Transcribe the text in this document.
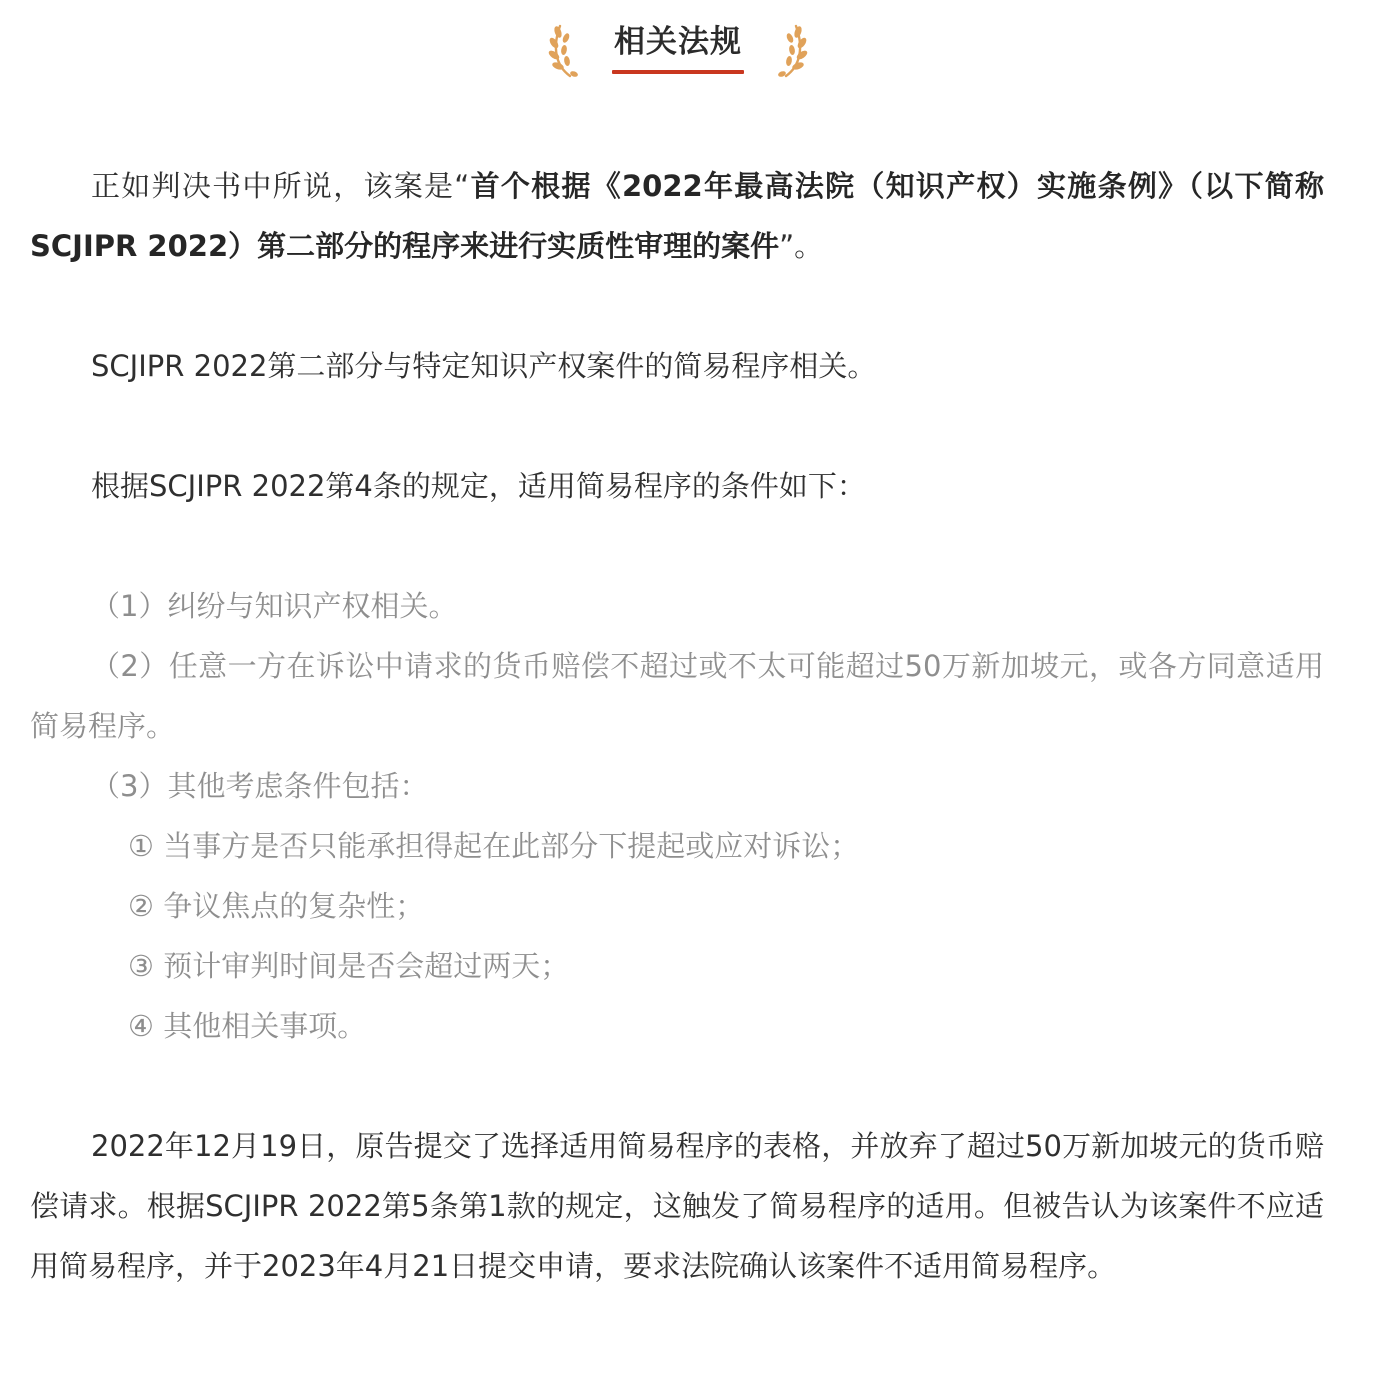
相关法规

正如判决书中所说，该案是“首个根据《2022年最高法院（知识产权）实施条例》（以下简称SCJIPR 2022）第二部分的程序来进行实质性审理的案件”。

SCJIPR 2022第二部分与特定知识产权案件的简易程序相关。

根据SCJIPR 2022第4条的规定，适用简易程序的条件如下：

（1）纠纷与知识产权相关。

（2）任意一方在诉讼中请求的货币赔偿不超过或不太可能超过50万新加坡元，或各方同意适用简易程序。

（3）其他考虑条件包括：

① 当事方是否只能承担得起在此部分下提起或应对诉讼；

② 争议焦点的复杂性；

③ 预计审判时间是否会超过两天；

④ 其他相关事项。

2022年12月19日，原告提交了选择适用简易程序的表格，并放弃了超过50万新加坡元的货币赔偿请求。根据SCJIPR 2022第5条第1款的规定，这触发了简易程序的适用。但被告认为该案件不应适用简易程序，并于2023年4月21日提交申请，要求法院确认该案件不适用简易程序。
